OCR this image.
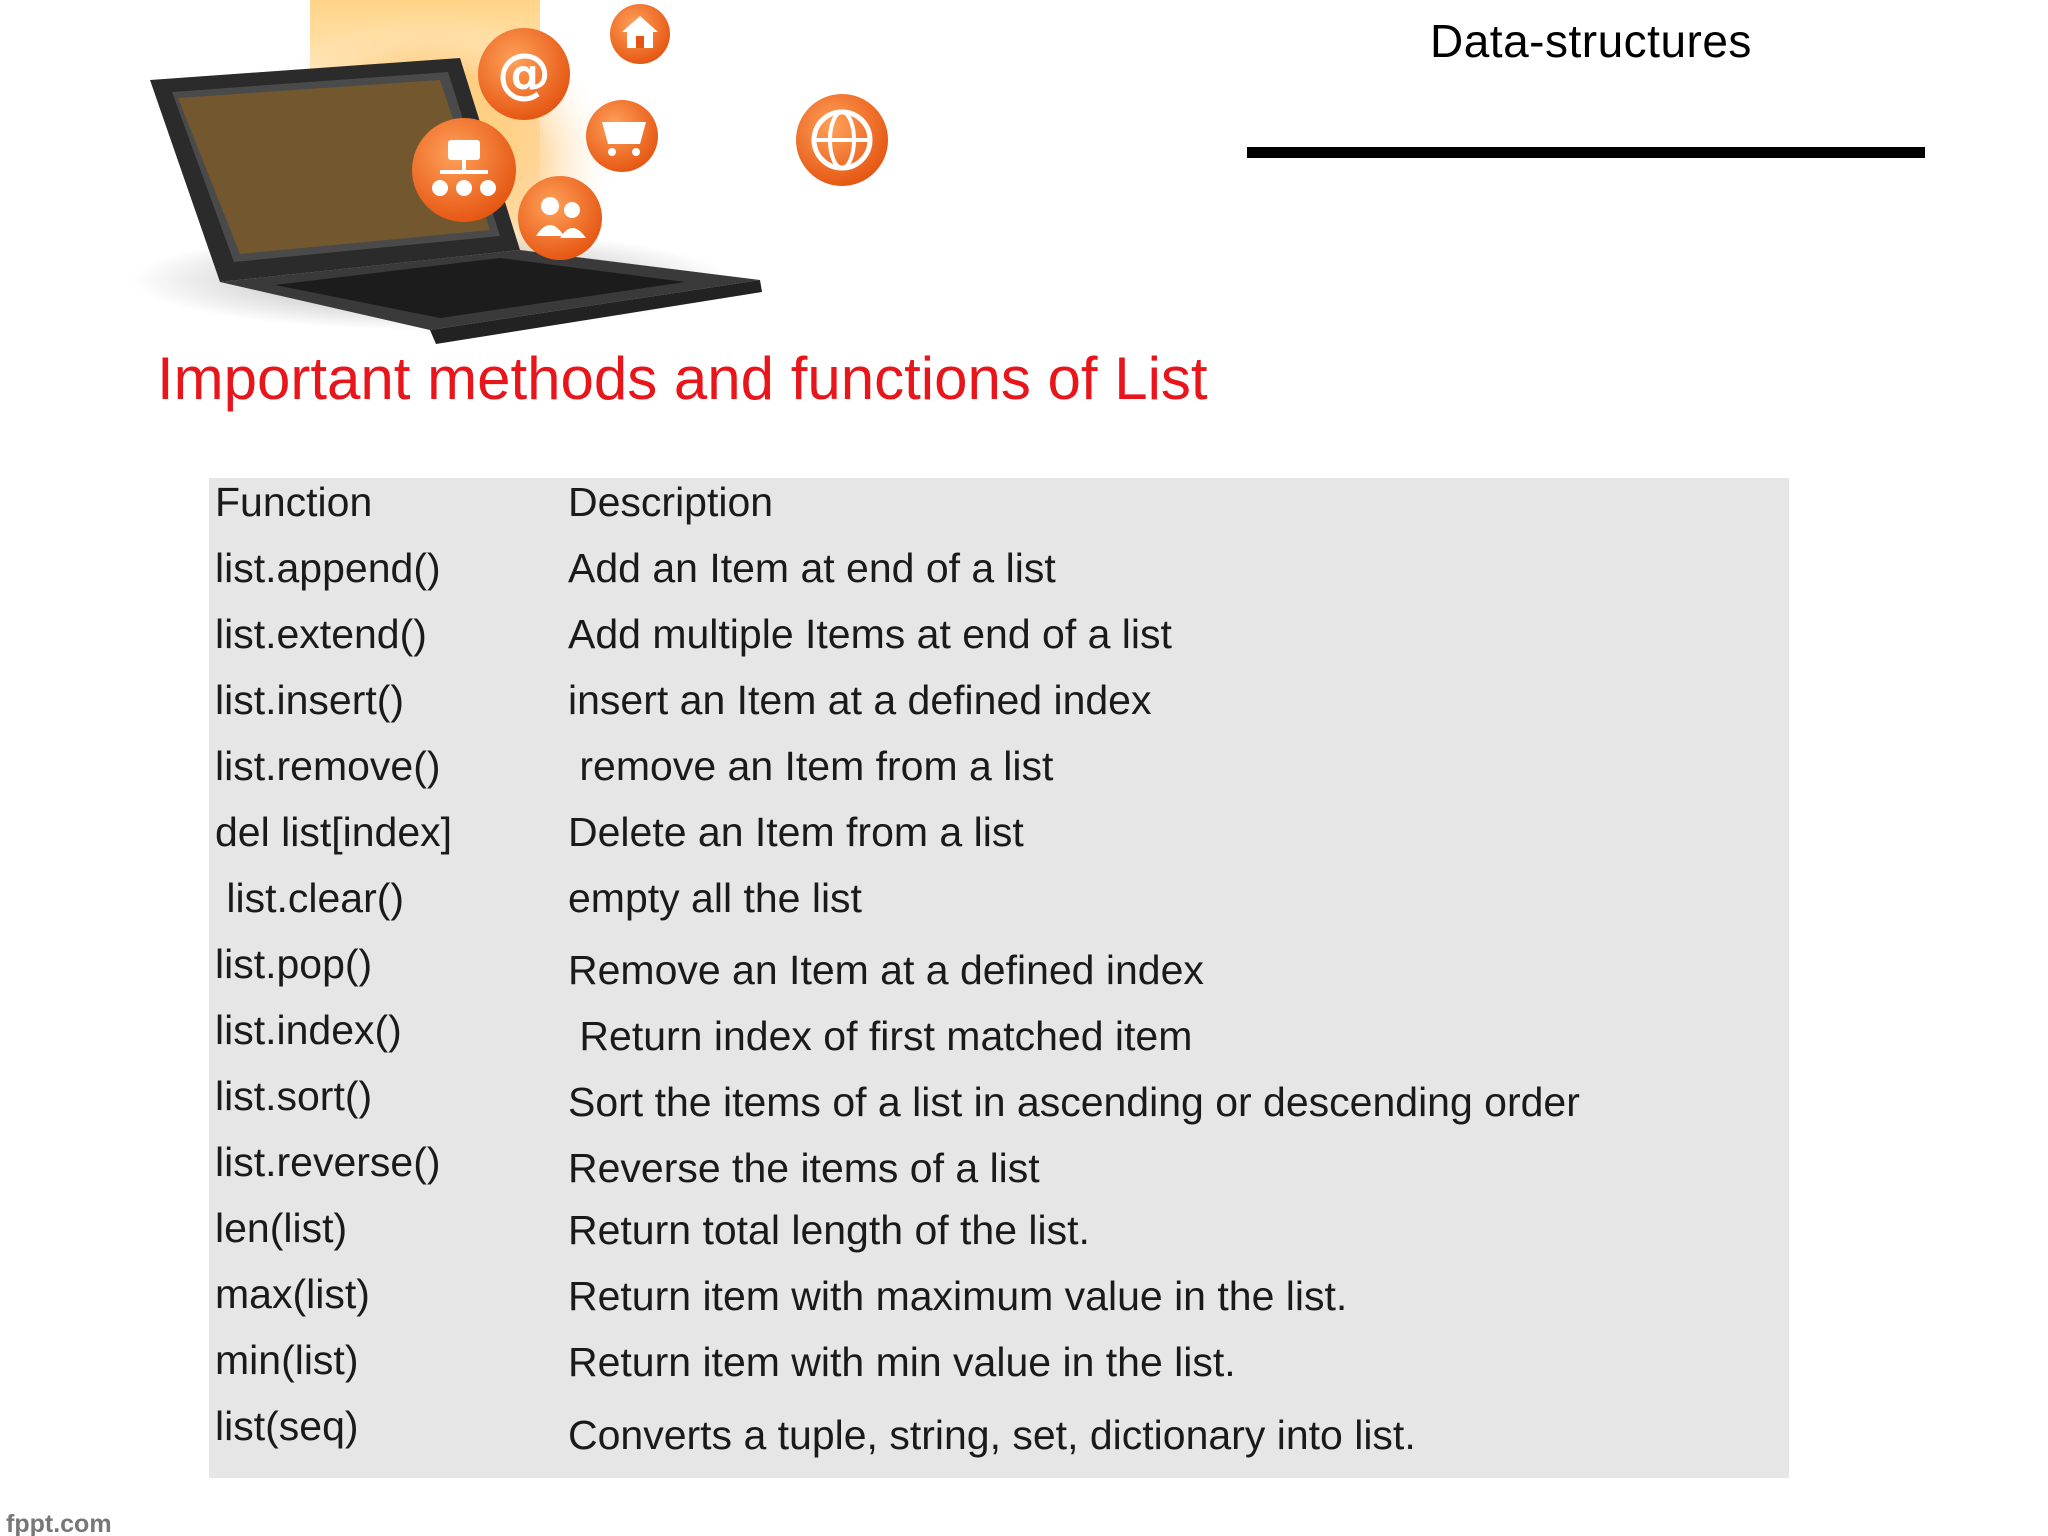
@
Data-structures
Important methods and functions of List
Function	Description
list.append()	Add an Item at end of a list
list.extend()	Add multiple Items at end of a list
list.insert()	insert an Item at a defined index
list.remove()	remove an Item from a list
del list[index]	Delete an Item from a list
list.clear()	empty all the list
list.pop()	Remove an Item at a defined index
list.index()	Return index of first matched item
list.sort()	Sort the items of a list in ascending or descending order
list.reverse()	Reverse the items of a list
len(list)	Return total length of the list.
max(list)	Return item with maximum value in the list.
min(list)	Return item with min value in the list.
list(seq)	Converts a tuple, string, set, dictionary into list.
fppt.com
